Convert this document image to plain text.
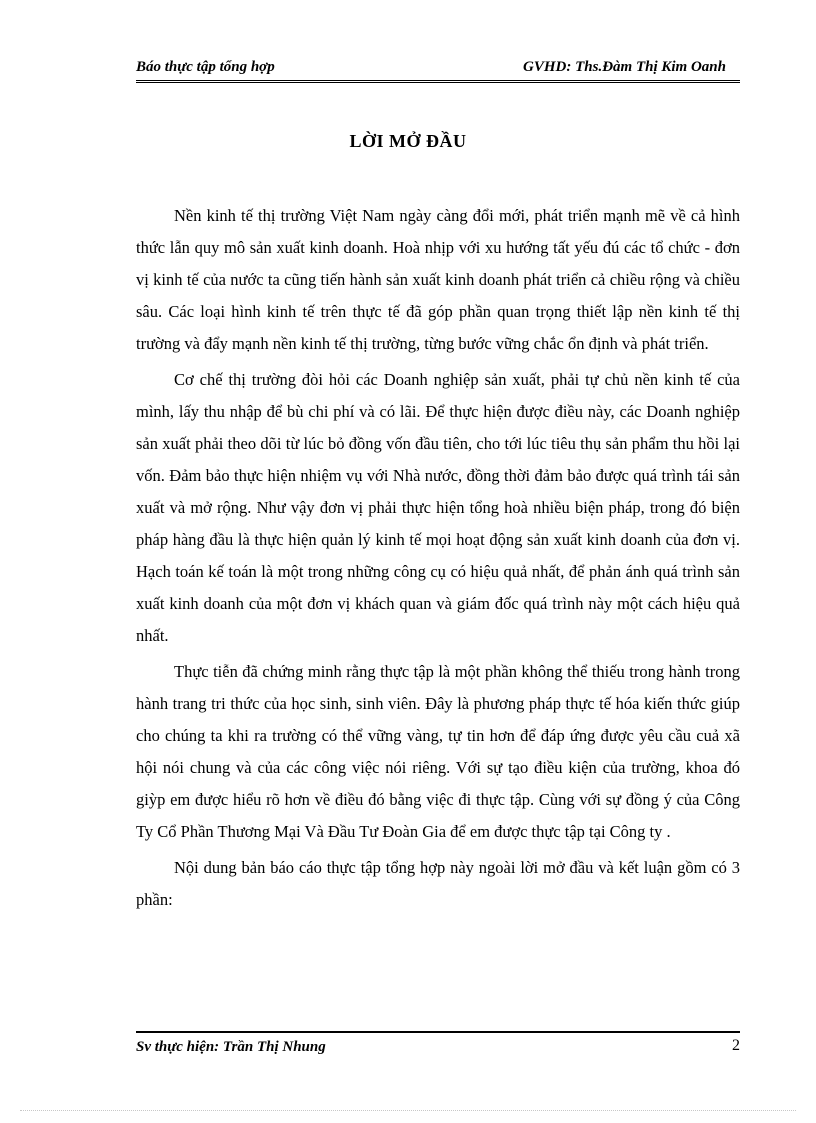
Báo thực tập tổng hợp	GVHD: Ths.Đàm Thị Kim Oanh
LỜI MỞ ĐẦU

Nền kinh tế thị trường Việt Nam ngày càng đổi mới, phát triển mạnh mẽ về cả hình thức lẫn quy mô sản xuất kinh doanh. Hoà nhịp với xu hướng tất yếu đú các tổ chức - đơn vị kinh tế của nước ta cũng tiến hành sản xuất kinh doanh phát triển cả chiều rộng và chiều sâu. Các loại hình kinh tế trên thực tế đã góp phần quan trọng thiết lập nền kinh tế thị trường và đẩy mạnh nền kinh tế thị trường, từng bước vững chắc ổn định và phát triển.

Cơ chế thị trường đòi hỏi các Doanh nghiệp sản xuất, phải tự chủ nền kinh tế của mình, lấy thu nhập để bù chi phí và có lãi. Để thực hiện được điều này, các Doanh nghiệp sản xuất phải theo dõi từ lúc bỏ đồng vốn đầu tiên, cho tới lúc tiêu thụ sản phẩm thu hồi lại vốn. Đảm bảo thực hiện nhiệm vụ với Nhà nước, đồng thời đảm bảo được quá trình tái sản xuất và mở rộng. Như vậy đơn vị phải thực hiện tổng hoà nhiều biện pháp, trong đó biện pháp hàng đầu là thực hiện quản lý kinh tế mọi hoạt động sản xuất kinh doanh của đơn vị. Hạch toán kế toán là một trong những công cụ có hiệu quả nhất, để phản ánh quá trình sản xuất kinh doanh của một đơn vị khách quan và giám đốc quá trình này một cách hiệu quả nhất.

Thực tiễn đã chứng minh rằng thực tập là một phần không thể thiếu trong hành trong hành trang tri thức của học sinh, sinh viên. Đây là phương pháp thực tế hóa kiến thức giúp cho chúng ta khi ra trường có thể vững vàng, tự tin hơn để đáp ứng được yêu cầu cuả xã hội nói chung và của các công việc nói riêng. Với sự tạo điều kiện của trường, khoa đó giỳp em được hiểu rõ hơn về điều đó bằng việc đi thực tập. Cùng với sự đồng ý của Công Ty Cổ Phần Thương Mại Và Đầu Tư Đoàn Gia để em được thực tập tại Công ty .

Nội dung bản báo cáo thực tập tổng hợp này ngoài lời mở đầu và kết luận gồm có 3 phần:

Sv thực hiện: Trần Thị Nhung	2
